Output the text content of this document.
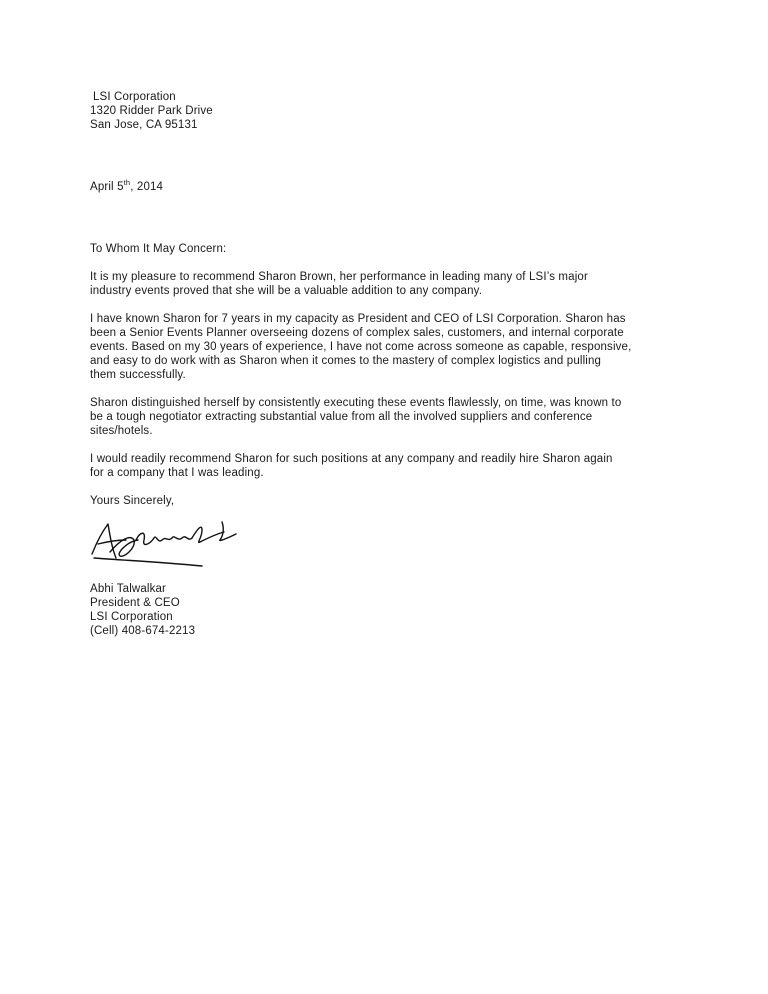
LSI Corporation
1320 Ridder Park Drive
San Jose, CA 95131
April 5th, 2014
To Whom It May Concern:
It is my pleasure to recommend Sharon Brown, her performance in leading many of LSI’s major
industry events proved that she will be a valuable addition to any company.
I have known Sharon for 7 years in my capacity as President and CEO of LSI Corporation. Sharon has
been a Senior Events Planner overseeing dozens of complex sales, customers, and internal corporate
events. Based on my 30 years of experience, I have not come across someone as capable, responsive,
and easy to do work with as Sharon when it comes to the mastery of complex logistics and pulling
them successfully.
Sharon distinguished herself by consistently executing these events flawlessly, on time, was known to
be a tough negotiator extracting substantial value from all the involved suppliers and conference
sites/hotels.
I would readily recommend Sharon for such positions at any company and readily hire Sharon again
for a company that I was leading.
Yours Sincerely,
Abhi Talwalkar
President & CEO
LSI Corporation
(Cell) 408-674-2213
